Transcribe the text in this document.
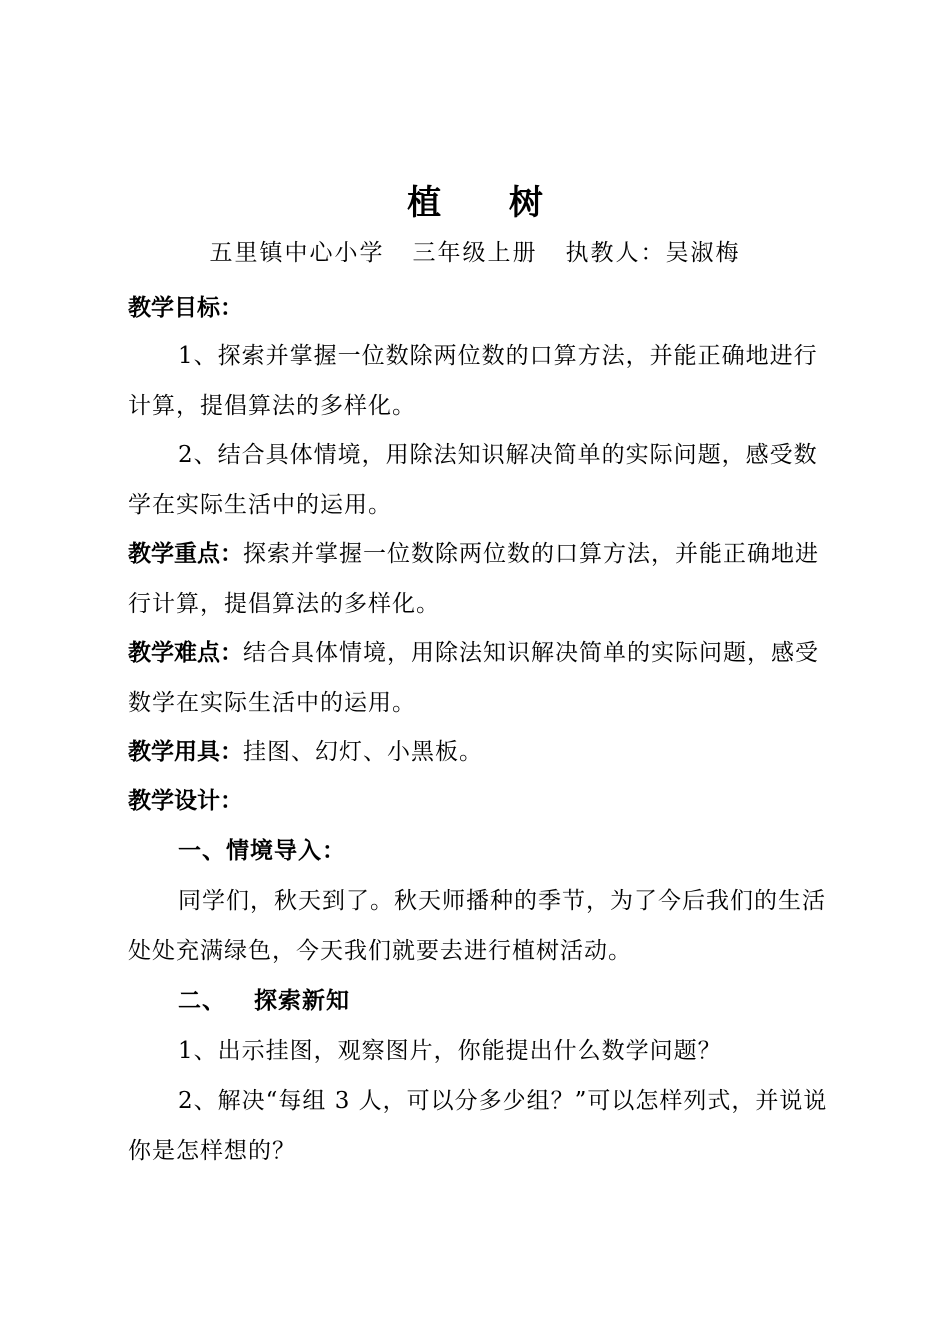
植 树
五里镇中心小学 三年级上册 执教人：吴淑梅
教学目标：
1、探索并掌握一位数除两位数的口算方法，并能正确地进行计算，提倡算法的多样化。
2、结合具体情境，用除法知识解决简单的实际问题，感受数学在实际生活中的运用。
教学重点：探索并掌握一位数除两位数的口算方法，并能正确地进行计算，提倡算法的多样化。
教学难点：结合具体情境，用除法知识解决简单的实际问题，感受数学在实际生活中的运用。
教学用具：挂图、幻灯、小黑板。
教学设计：
一、情境导入：
同学们，秋天到了。秋天师播种的季节，为了今后我们的生活处处充满绿色，今天我们就要去进行植树活动。
二、 探索新知
1、出示挂图，观察图片，你能提出什么数学问题？
2、解决“每组 3 人，可以分多少组？”可以怎样列式，并说说你是怎样想的？
